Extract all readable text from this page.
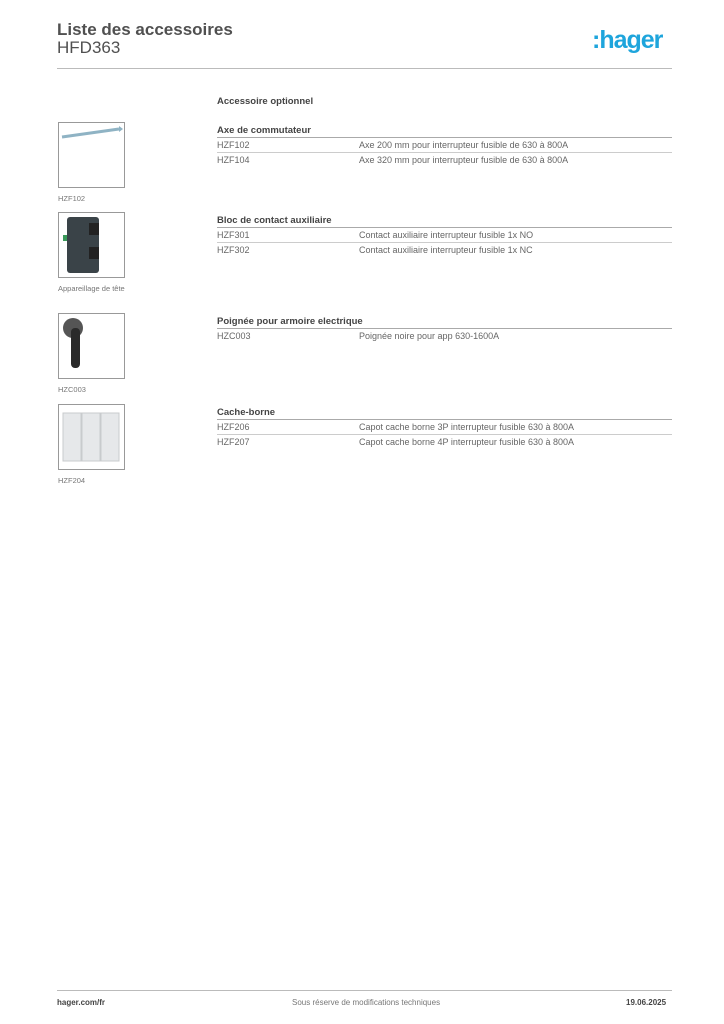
Liste des accessoires
HFD363	:hager
Accessoire optionnel
HZF102
Axe de commutateur
HZF102	Axe 200 mm pour interrupteur fusible de 630 à 800A
HZF104	Axe 320 mm pour interrupteur fusible de 630 à 800A
Appareillage de tête
Bloc de contact auxiliaire
HZF301	Contact auxiliaire interrupteur fusible 1x NO
HZF302	Contact auxiliaire interrupteur fusible 1x NC
HZC003
Poignée pour armoire electrique
HZC003	Poignée noire pour app 630-1600A
HZF204
Cache-borne
HZF206	Capot cache borne 3P interrupteur fusible 630 à 800A
HZF207	Capot cache borne 4P interrupteur fusible 630 à 800A
hager.com/fr	Sous réserve de modifications techniques	19.06.2025
